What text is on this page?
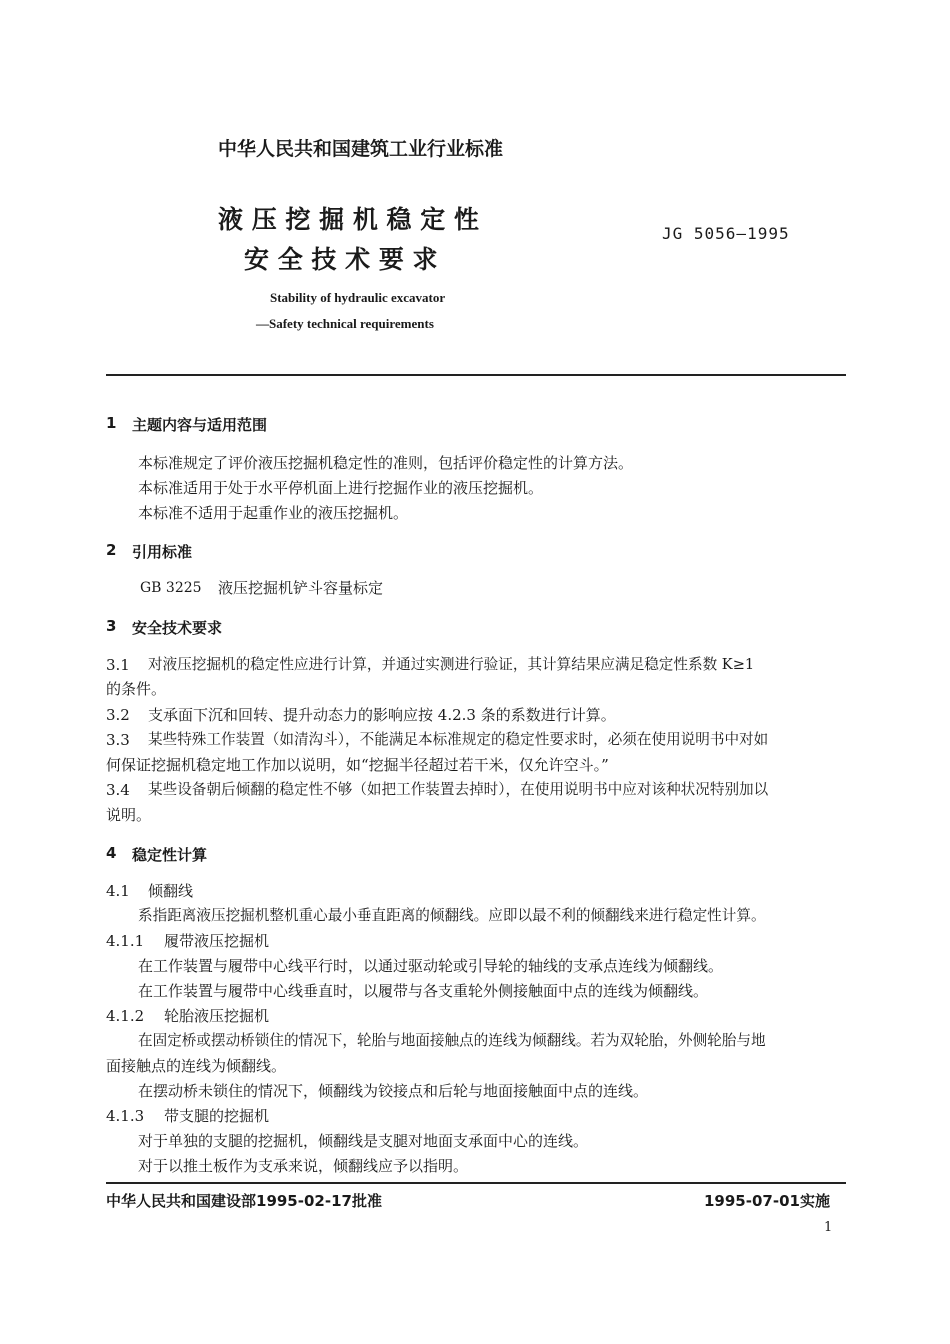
中华人民共和国建筑工业行业标准
液 压 挖 掘 机 稳 定 性
安 全 技 术 要 求
JG 5056—1995
Stability of hydraulic excavator
—Safety technical requirements
1 主题内容与适用范围
本标准规定了评价液压挖掘机稳定性的准则，包括评价稳定性的计算方法。
本标准适用于处于水平停机面上进行挖掘作业的液压挖掘机。
本标准不适用于起重作业的液压挖掘机。
2 引用标准
GB 3225 液压挖掘机铲斗容量标定
3 安全技术要求
3.1 对液压挖掘机的稳定性应进行计算，并通过实测进行验证，其计算结果应满足稳定性系数 K≥1
的条件。
3.2 支承面下沉和回转、提升动态力的影响应按 4.2.3 条的系数进行计算。
3.3 某些特殊工作装置（如清沟斗），不能满足本标准规定的稳定性要求时，必须在使用说明书中对如
何保证挖掘机稳定地工作加以说明，如“挖掘半径超过若干米，仅允许空斗。”
3.4 某些设备朝后倾翻的稳定性不够（如把工作装置去掉时），在使用说明书中应对该种状况特别加以
说明。
4 稳定性计算
4.1 倾翻线
系指距离液压挖掘机整机重心最小垂直距离的倾翻线。应即以最不利的倾翻线来进行稳定性计算。
4.1.1 履带液压挖掘机
在工作装置与履带中心线平行时，以通过驱动轮或引导轮的轴线的支承点连线为倾翻线。
在工作装置与履带中心线垂直时，以履带与各支重轮外侧接触面中点的连线为倾翻线。
4.1.2 轮胎液压挖掘机
在固定桥或摆动桥锁住的情况下，轮胎与地面接触点的连线为倾翻线。若为双轮胎，外侧轮胎与地
面接触点的连线为倾翻线。
在摆动桥未锁住的情况下，倾翻线为铰接点和后轮与地面接触面中点的连线。
4.1.3 带支腿的挖掘机
对于单独的支腿的挖掘机，倾翻线是支腿对地面支承面中心的连线。
对于以推土板作为支承来说，倾翻线应予以指明。
中华人民共和国建设部1995-02-17批准	1995-07-01实施
1
